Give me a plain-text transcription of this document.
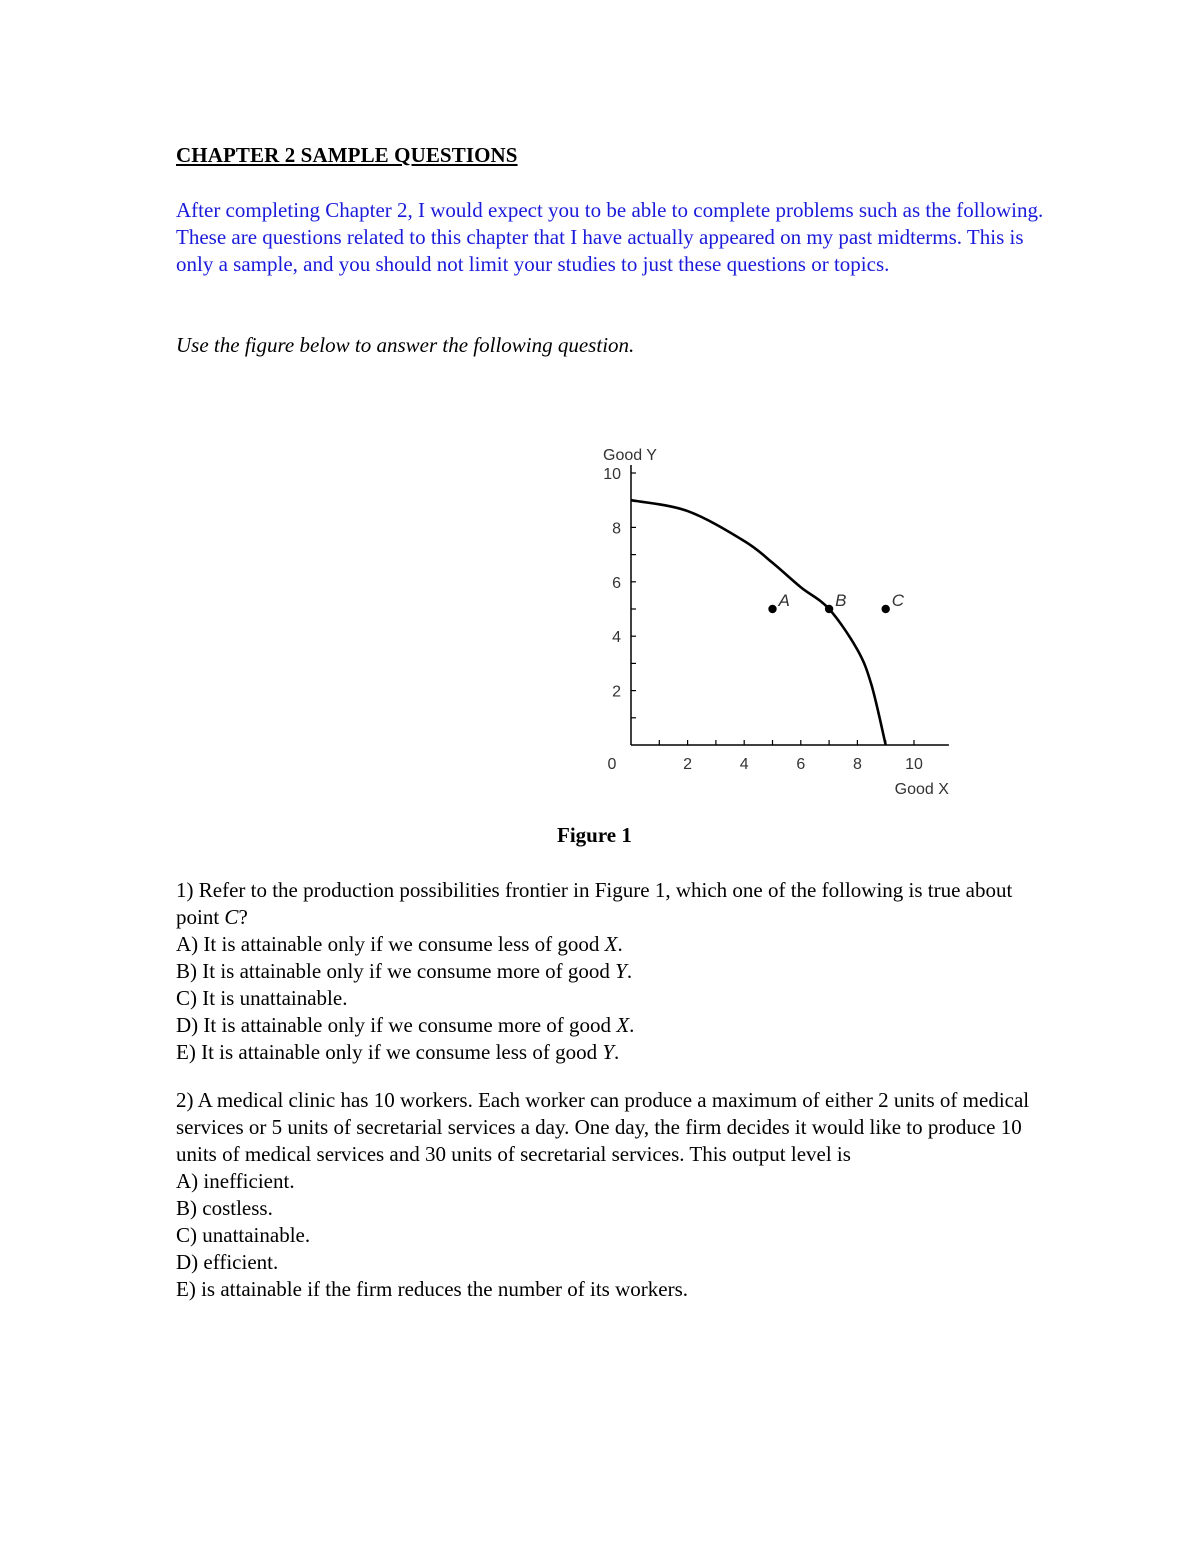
CHAPTER 2 SAMPLE QUESTIONS
After completing Chapter 2, I would expect you to be able to complete problems such as the following. These are questions related to this chapter that I have actually appeared on my past midterms. This is only a sample, and you should not limit your studies to just these questions or topics.
Use the figure below to answer the following question.
0	2	4	6	8	10
2
4
6
8
10
Good Y
Good X
A	B	C
Figure 1
1) Refer to the production possibilities frontier in Figure 1, which one of the following is true about point C?
A) It is attainable only if we consume less of good X.
B) It is attainable only if we consume more of good Y.
C) It is unattainable.
D) It is attainable only if we consume more of good X.
E) It is attainable only if we consume less of good Y.
2) A medical clinic has 10 workers. Each worker can produce a maximum of either 2 units of medical services or 5 units of secretarial services a day. One day, the firm decides it would like to produce 10 units of medical services and 30 units of secretarial services. This output level is
A) inefficient.
B) costless.
C) unattainable.
D) efficient.
E) is attainable if the firm reduces the number of its workers.
